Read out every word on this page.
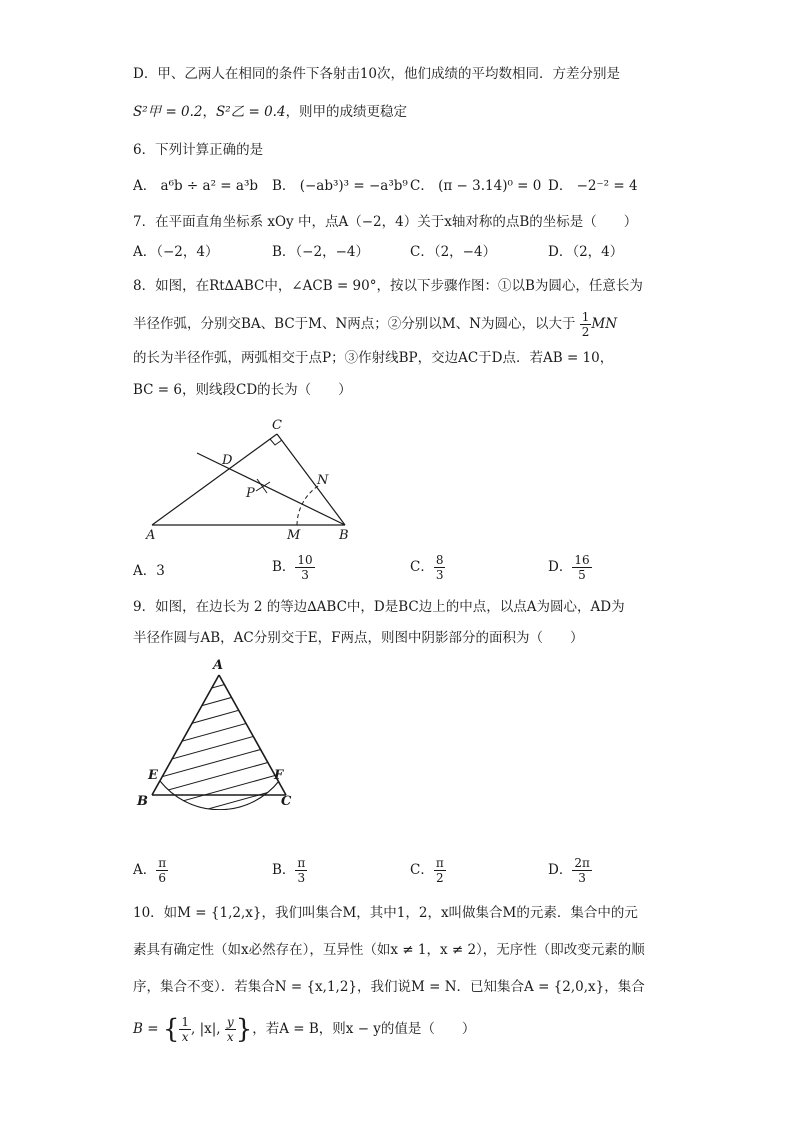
D．甲、乙两人在相同的条件下各射击10次，他们成绩的平均数相同．方差分别是
S²甲 = 0.2，S²乙 = 0.4，则甲的成绩更稳定
6．下列计算正确的是
A． a⁶b ÷ a² = a³b B． (−ab³)³ = −a³b⁹ C． (π − 3.14)⁰ = 0 D． −2⁻² = 4
7．在平面直角坐标系 xOy 中，点A（−2，4）关于x轴对称的点B的坐标是（　　）
A．（−2，4）	B．（−2，−4）	C．（2，−4）	D．（2，4）
8．如图，在Rt∆ABC中，∠ACB = 90°，按以下步骤作图：①以B为圆心，任意长为
半径作弧，分别交BA、BC于M、N两点；②分别以M、N为圆心，以大于 $\frac{1}{2}$ MN
的长为半径作弧，两弧相交于点P；③作射线BP，交边AC于D点．若AB = 10，
BC = 6，则线段CD的长为（　　）
C
D
P
N
A	M	B
A．3	B． $\frac{10}{3}$	C． $\frac{8}{3}$	D． $\frac{16}{5}$
9．如图，在边长为 2 的等边∆ABC中，D是BC边上的中点，以点A为圆心，AD为
半径作圆与AB，AC分别交于E，F两点，则图中阴影部分的面积为（　　）
A
E	F
B	C
A． $\frac{\pi}{6}$	B． $\frac{\pi}{3}$	C． $\frac{\pi}{2}$	D． $\frac{2\pi}{3}$
10．如M = {1,2,x}，我们叫集合M，其中1，2，x叫做集合M的元素．集合中的元
素具有确定性（如x必然存在），互异性（如x ≠ 1，x ≠ 2），无序性（即改变元素的顺
序，集合不变）．若集合N = {x,1,2}，我们说M = N．已知集合A = {2,0,x}，集合
B = { $\frac{1}{x}$ , |x|, $\frac{y}{x}$ }，若A = B，则x − y的值是（　　）
